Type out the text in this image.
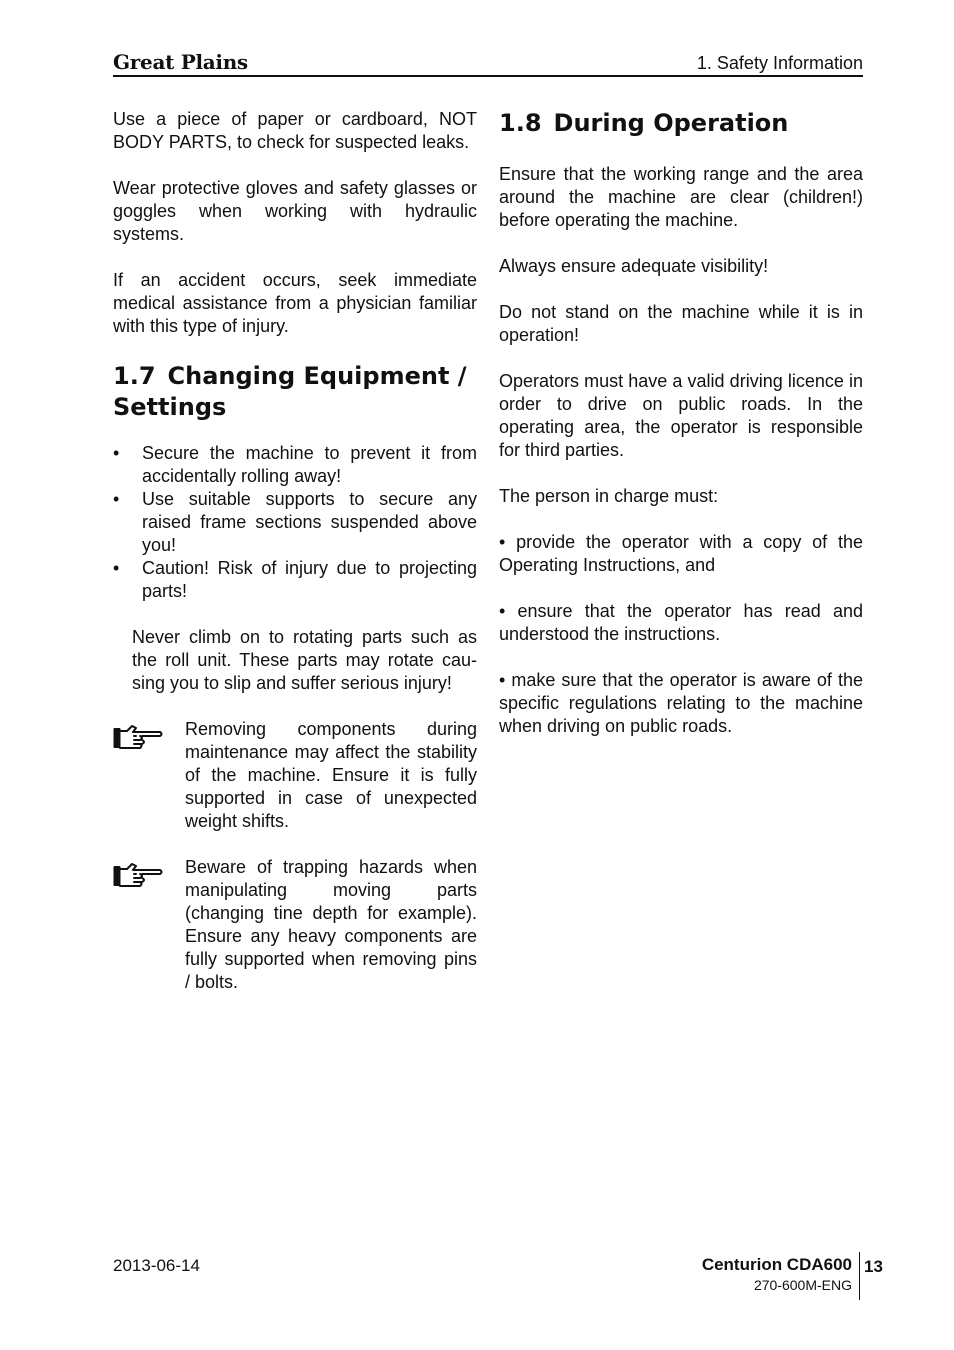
Great Plains	1. Safety Information

Use a piece of paper or cardboard, NOT BODY PARTS, to check for suspected leaks.

Wear protective gloves and safety glasses or goggles when working with hydraulic systems.

If an accident occurs, seek immediate medical assistance from a physician familiar with this type of injury.

1.7 Changing Equipment / Settings
• Secure the machine to prevent it from accidentally rolling away!
• Use suitable supports to secure any raised frame sections suspended above you!
• Caution! Risk of injury due to projecting parts!

Never climb on to rotating parts such as the roll unit. These parts may rotate cau-sing you to slip and suffer serious injury!

Removing components during maintenance may affect the stability of the machine. Ensure it is fully supported in case of unexpected weight shifts.

Beware of trapping hazards when manipulating moving parts (changing tine depth for example). Ensure any heavy components are fully supported when removing pins / bolts.

1.8 During Operation

Ensure that the working range and the area around the machine are clear (children!) before operating the machine.

Always ensure adequate visibility!

Do not stand on the machine while it is in operation!

Operators must have a valid driving licence in order to drive on public roads. In the operating area, the operator is responsible for third parties.

The person in charge must:

• provide the operator with a copy of the Operating Instructions, and

• ensure that the operator has read and understood the instructions.

• make sure that the operator is aware of the specific regulations relating to the machine when driving on public roads.

2013-06-14	Centurion CDA600
270-600M-ENG
13
